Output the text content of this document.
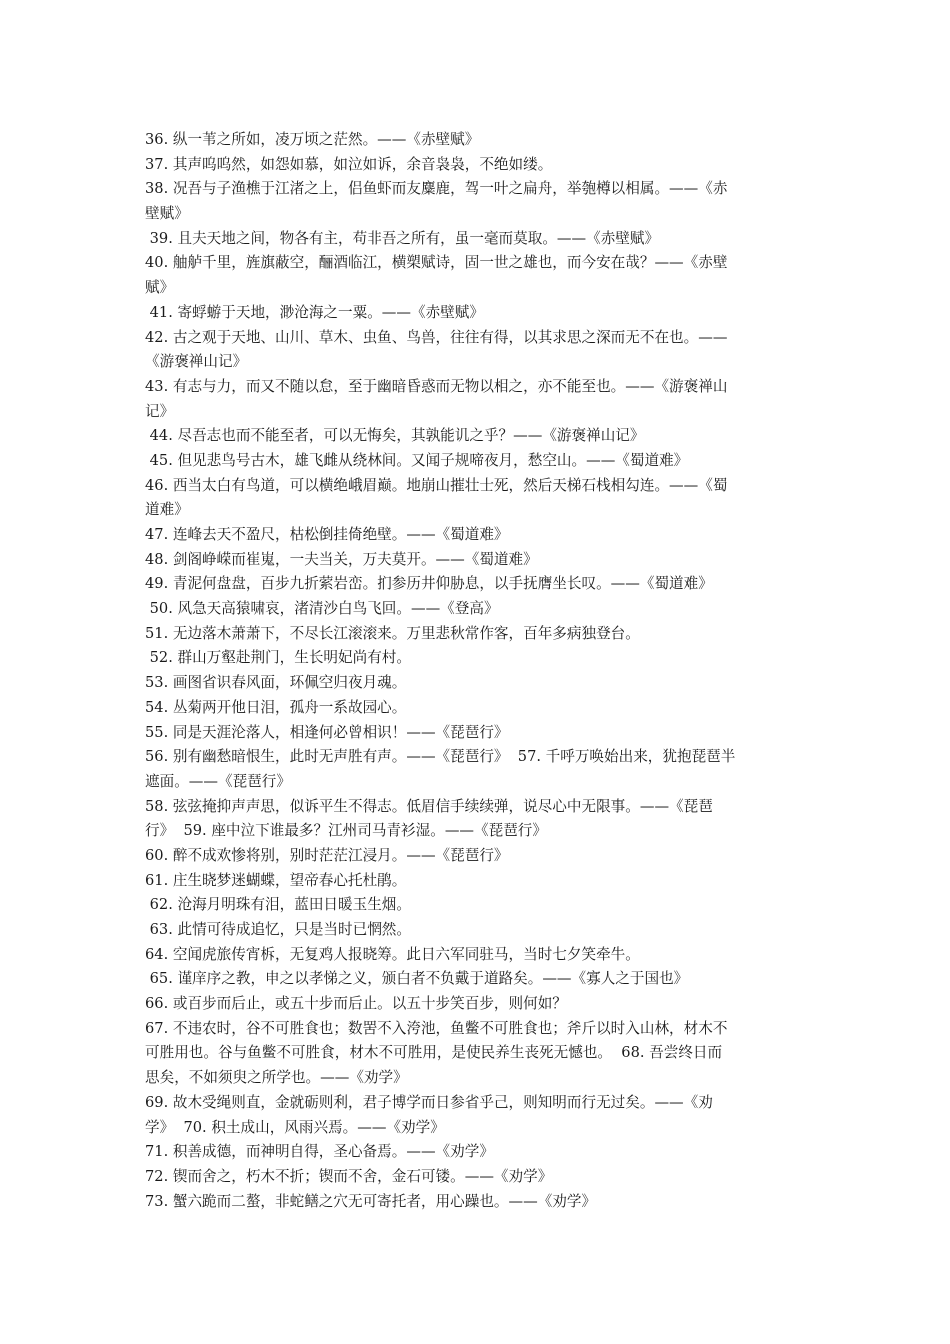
36. 纵一苇之所如，凌万顷之茫然。——《赤壁赋》
37. 其声呜呜然，如怨如慕，如泣如诉，余音袅袅，不绝如缕。
38. 况吾与子渔樵于江渚之上，侣鱼虾而友麋鹿，驾一叶之扁舟，举匏樽以相属。——《赤
壁赋》
39. 且夫天地之间，物各有主，苟非吾之所有，虽一毫而莫取。——《赤壁赋》
40. 舳舻千里，旌旗蔽空，酾酒临江，横槊赋诗，固一世之雄也，而今安在哉？——《赤壁
赋》
41. 寄蜉蝣于天地，渺沧海之一粟。——《赤壁赋》
42. 古之观于天地、山川、草木、虫鱼、鸟兽，往往有得，以其求思之深而无不在也。——
《游褒禅山记》
43. 有志与力，而又不随以怠，至于幽暗昏惑而无物以相之，亦不能至也。——《游褒禅山
记》
44. 尽吾志也而不能至者，可以无悔矣，其孰能讥之乎？——《游褒禅山记》
45. 但见悲鸟号古木，雄飞雌从绕林间。又闻子规啼夜月，愁空山。——《蜀道难》
46. 西当太白有鸟道，可以横绝峨眉巅。地崩山摧壮士死，然后天梯石栈相勾连。——《蜀
道难》
47. 连峰去天不盈尺，枯松倒挂倚绝壁。——《蜀道难》
48. 剑阁峥嵘而崔嵬，一夫当关，万夫莫开。——《蜀道难》
49. 青泥何盘盘，百步九折萦岩峦。扪参历井仰胁息，以手抚膺坐长叹。——《蜀道难》
50. 风急天高猿啸哀，渚清沙白鸟飞回。——《登高》
51. 无边落木萧萧下，不尽长江滚滚来。万里悲秋常作客，百年多病独登台。
52. 群山万壑赴荆门，生长明妃尚有村。
53. 画图省识春风面，环佩空归夜月魂。
54. 丛菊两开他日泪，孤舟一系故园心。
55. 同是天涯沦落人，相逢何必曾相识！——《琵琶行》
56. 别有幽愁暗恨生，此时无声胜有声。——《琵琶行》  57. 千呼万唤始出来，犹抱琵琶半
遮面。——《琵琶行》
58. 弦弦掩抑声声思，似诉平生不得志。低眉信手续续弹，说尽心中无限事。——《琵琶
行》  59. 座中泣下谁最多？江州司马青衫湿。——《琵琶行》
60. 醉不成欢惨将别，别时茫茫江浸月。——《琵琶行》
61. 庄生晓梦迷蝴蝶，望帝春心托杜鹃。
62. 沧海月明珠有泪，蓝田日暖玉生烟。
63. 此情可待成追忆，只是当时已惘然。
64. 空闻虎旅传宵柝，无复鸡人报晓筹。此日六军同驻马，当时七夕笑牵牛。
65. 谨庠序之教，申之以孝悌之义，颁白者不负戴于道路矣。——《寡人之于国也》
66. 或百步而后止，或五十步而后止。以五十步笑百步，则何如？
67. 不违农时，谷不可胜食也；数罟不入洿池，鱼鳖不可胜食也；斧斤以时入山林，材木不
可胜用也。谷与鱼鳖不可胜食，材木不可胜用，是使民养生丧死无憾也。  68. 吾尝终日而
思矣，不如须臾之所学也。——《劝学》
69. 故木受绳则直，金就砺则利，君子博学而日参省乎己，则知明而行无过矣。——《劝
学》  70. 积土成山，风雨兴焉。——《劝学》
71. 积善成德，而神明自得，圣心备焉。——《劝学》
72. 锲而舍之，朽木不折；锲而不舍，金石可镂。——《劝学》
73. 蟹六跪而二螯，非蛇鳝之穴无可寄托者，用心躁也。——《劝学》
